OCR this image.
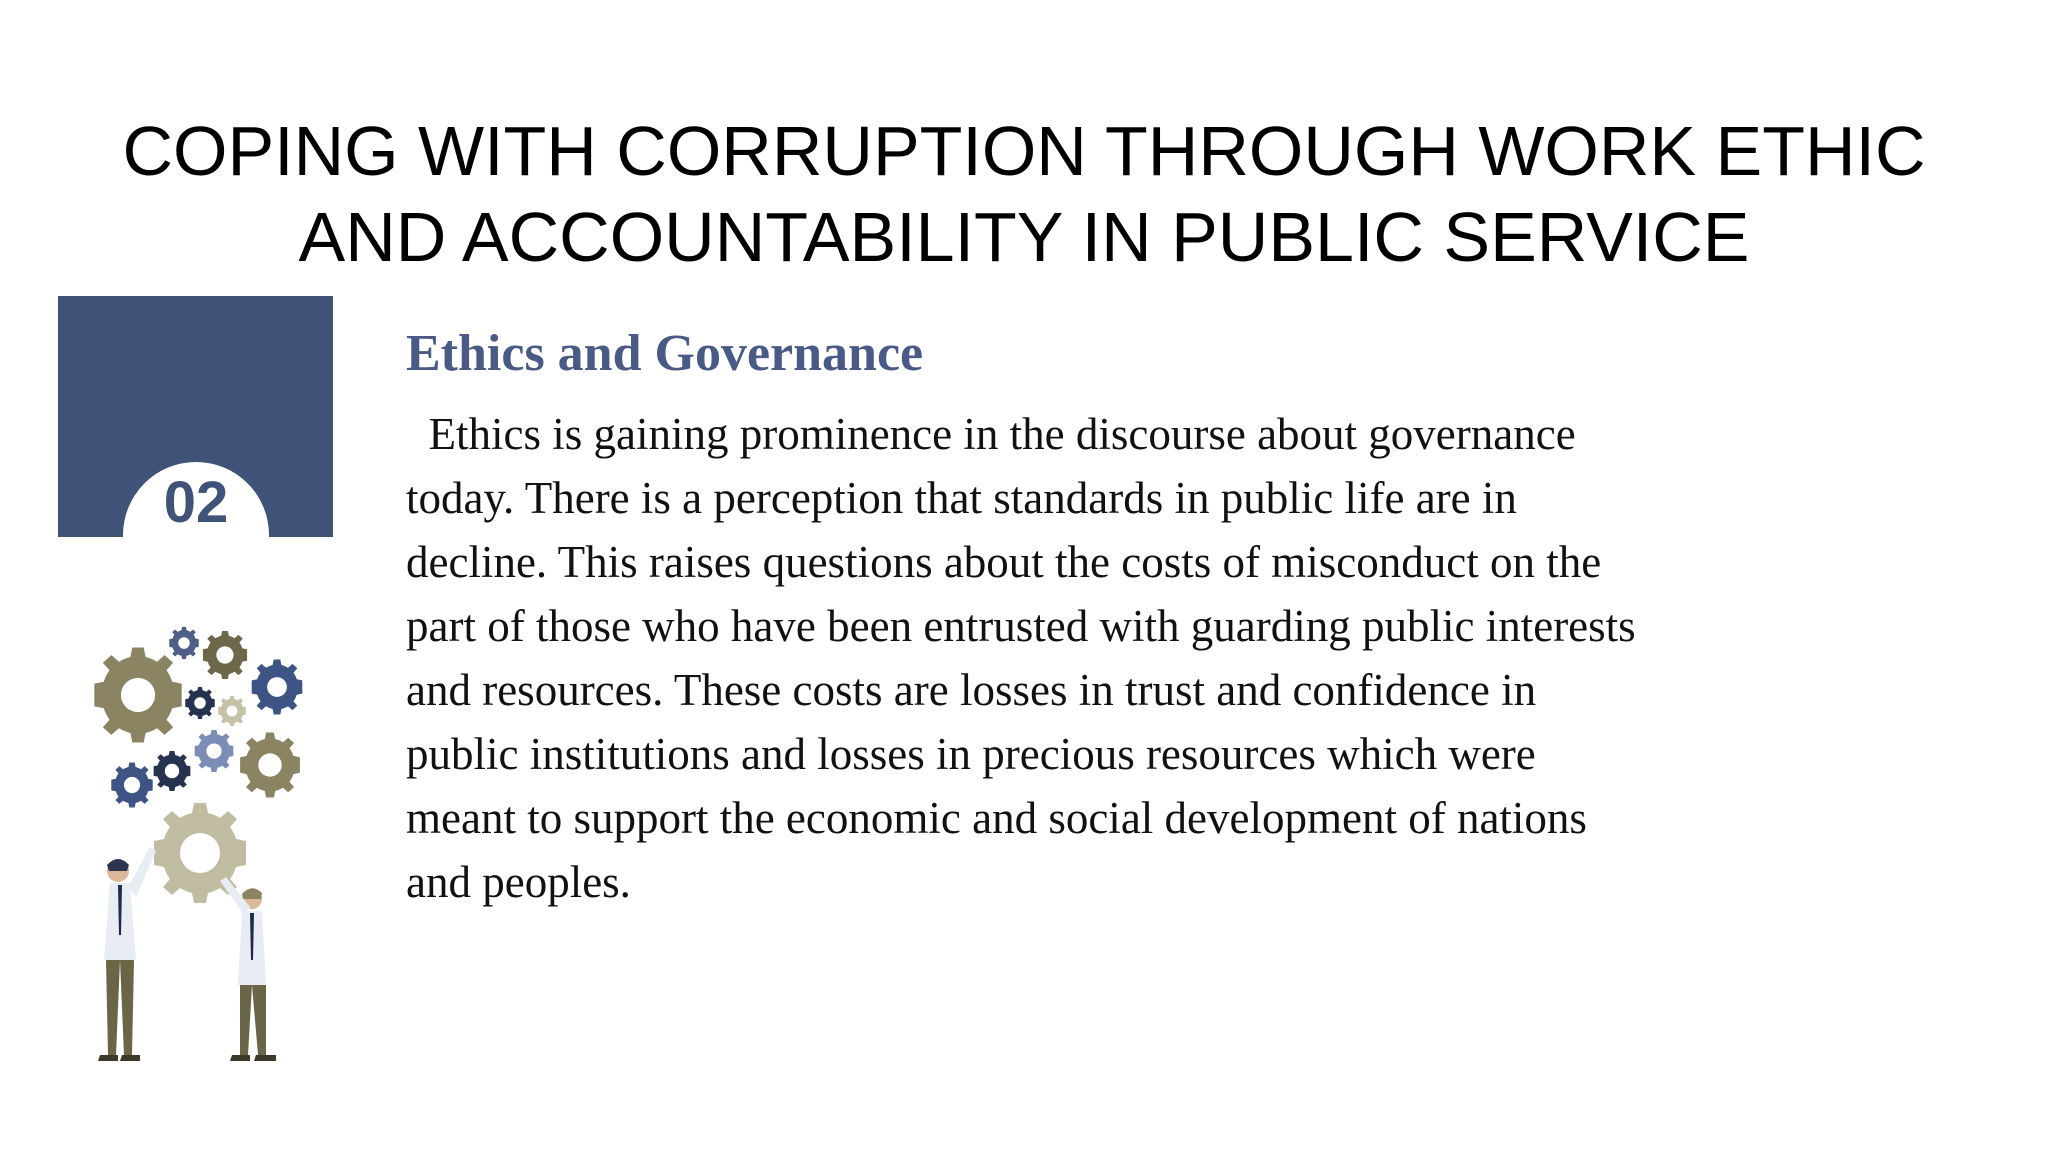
COPING WITH CORRUPTION THROUGH WORK ETHIC
AND ACCOUNTABILITY IN PUBLIC SERVICE
02
Ethics and Governance

Ethics is gaining prominence in the discourse about governance
today. There is a perception that standards in public life are in
decline. This raises questions about the costs of misconduct on the
part of those who have been entrusted with guarding public interests
and resources. These costs are losses in trust and confidence in
public institutions and losses in precious resources which were
meant to support the economic and social development of nations
and peoples.
